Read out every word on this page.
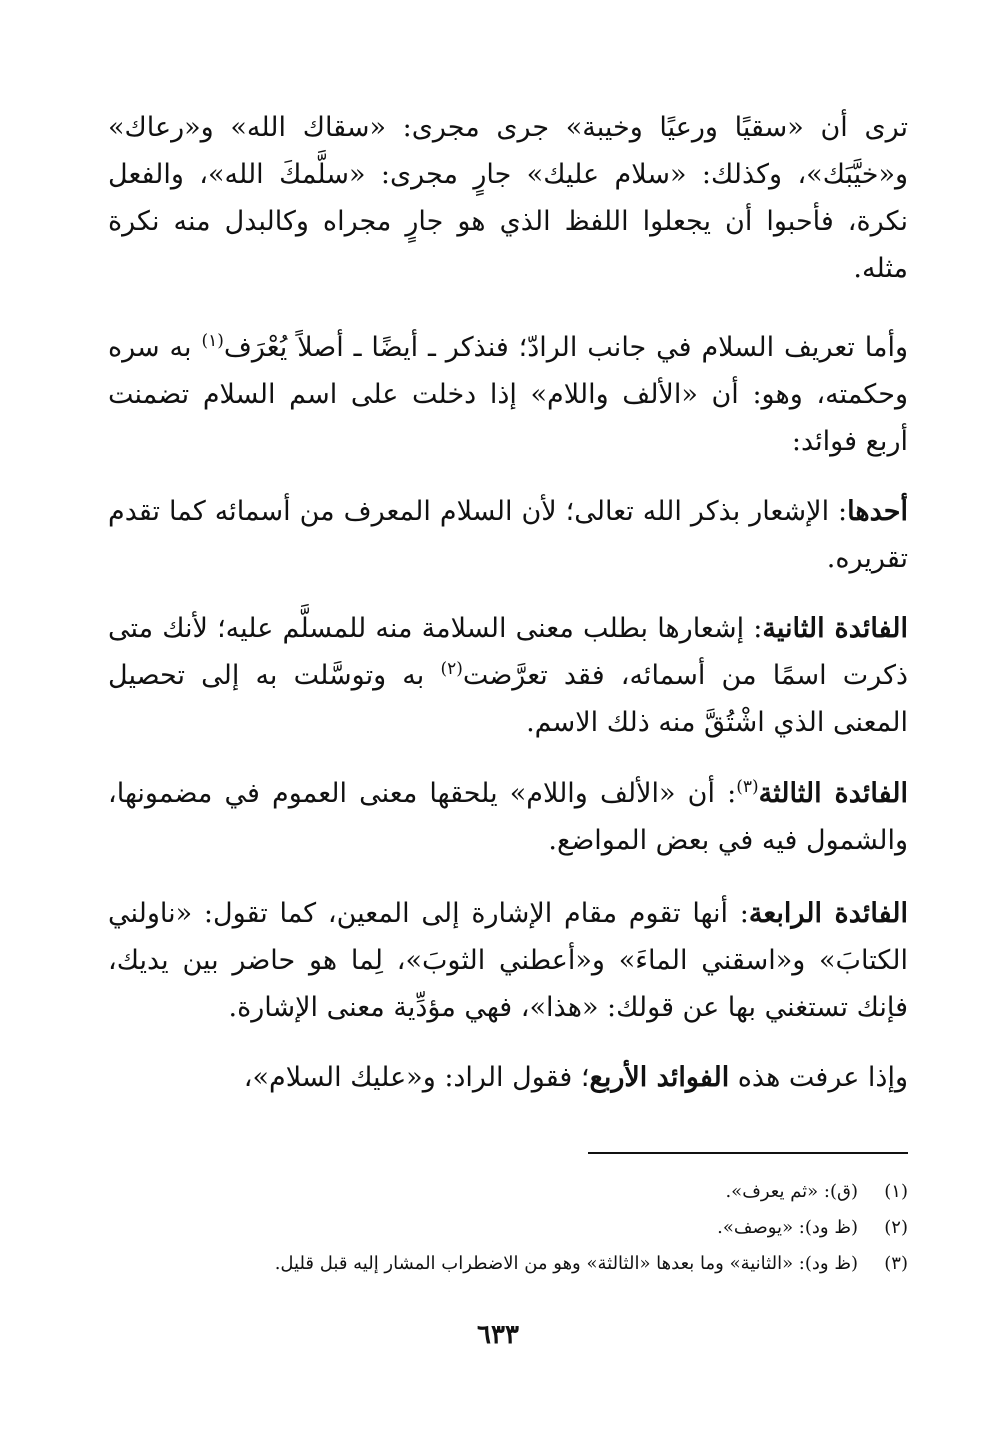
ترى أن «سقيًا ورعيًا وخيبة» جرى مجرى: «سقاك الله» و«رعاك» و«خيَّبَك»، وكذلك: «سلام عليك» جارٍ مجرى: «سلَّمكَ الله»، والفعل نكرة، فأحبوا أن يجعلوا اللفظ الذي هو جارٍ مجراه وكالبدل منه نكرة مثله.

وأما تعريف السلام في جانب الرادّ؛ فنذكر ـ أيضًا ـ أصلاً يُعْرَف$^{(١)}$ به سره وحكمته، وهو: أن «الألف واللام» إذا دخلت على اسم السلام تضمنت أربع فوائد:

أحدها: الإشعار بذكر الله تعالى؛ لأن السلام المعرف من أسمائه كما تقدم تقريره.

الفائدة الثانية: إشعارها بطلب معنى السلامة منه للمسلَّم عليه؛ لأنك متى ذكرت اسمًا من أسمائه، فقد تعرَّضت$^{(٢)}$ به وتوسَّلت به إلى تحصيل المعنى الذي اشْتُقَّ منه ذلك الاسم.

الفائدة الثالثة$^{(٣)}$: أن «الألف واللام» يلحقها معنى العموم في مضمونها، والشمول فيه في بعض المواضع.

الفائدة الرابعة: أنها تقوم مقام الإشارة إلى المعين، كما تقول: «ناولني الكتابَ» و«اسقني الماءَ» و«أعطني الثوبَ»، لِما هو حاضر بين يديك، فإنك تستغني بها عن قولك: «هذا»، فهي مؤدِّية معنى الإشارة.

وإذا عرفت هذه الفوائد الأربع؛ فقول الراد: و«عليك السلام»،

(١)(ق): «ثم يعرف».
(٢)(ظ ود): «يوصف».
(٣)(ظ ود): «الثانية» وما بعدها «الثالثة» وهو من الاضطراب المشار إليه قبل قليل.
٦٣٣
